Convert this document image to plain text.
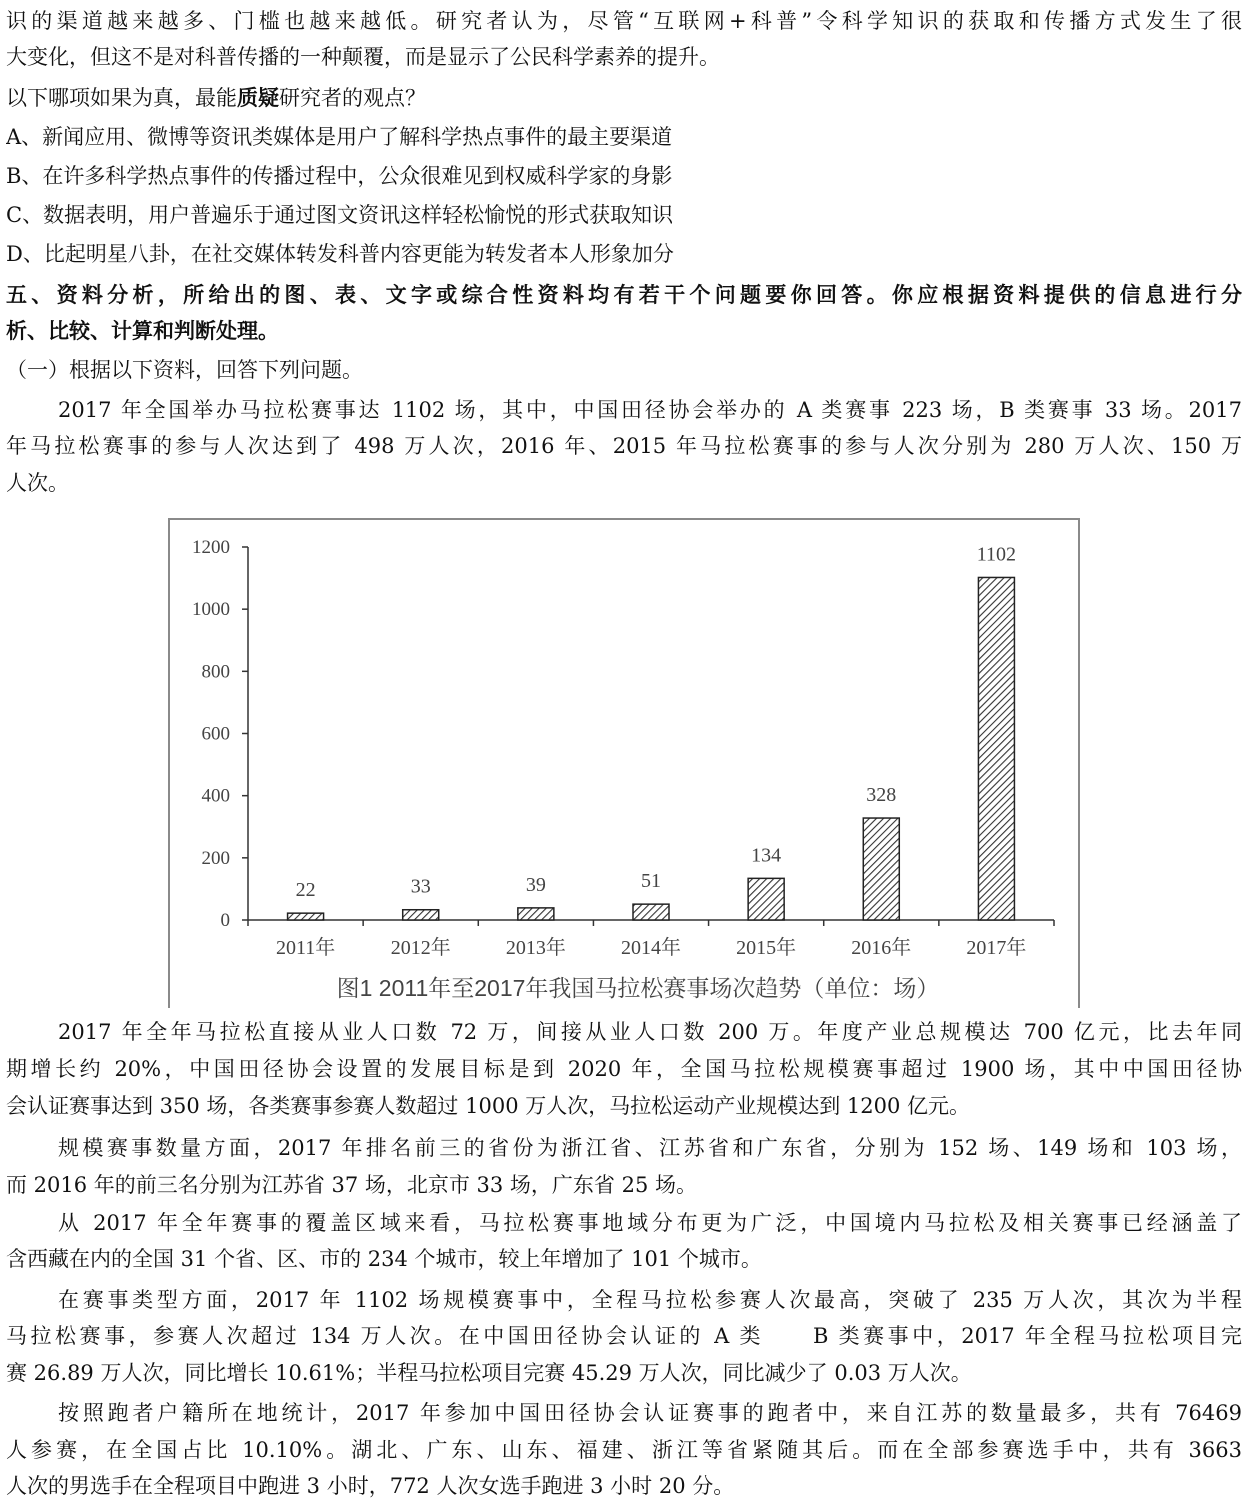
识的渠道越来越多、门槛也越来越低。研究者认为，尽管“互联网+科普”令科学知识的获取和传播方式发生了很
大变化，但这不是对科普传播的一种颠覆，而是显示了公民科学素养的提升。
以下哪项如果为真，最能质疑研究者的观点？
A、新闻应用、微博等资讯类媒体是用户了解科学热点事件的最主要渠道
B、在许多科学热点事件的传播过程中，公众很难见到权威科学家的身影
C、数据表明，用户普遍乐于通过图文资讯这样轻松愉悦的形式获取知识
D、比起明星八卦，在社交媒体转发科普内容更能为转发者本人形象加分
五、资料分析，所给出的图、表、文字或综合性资料均有若干个问题要你回答。你应根据资料提供的信息进行分
析、比较、计算和判断处理。
（一）根据以下资料，回答下列问题。
2017 年全国举办马拉松赛事达 1102 场，其中，中国田径协会举办的 A 类赛事 223 场，B 类赛事 33 场。2017
年马拉松赛事的参与人次达到了 498 万人次，2016 年、2015 年马拉松赛事的参与人次分别为 280 万人次、150 万
人次。
0
200
400
600
800
1000
1200
22
2011年
33
2012年
39
2013年
51
2014年
134
2015年
328
2016年
1102
2017年
图1 2011年至2017年我国马拉松赛事场次趋势（单位：场）
2017 年全年马拉松直接从业人口数 72 万，间接从业人口数 200 万。年度产业总规模达 700 亿元，比去年同
期增长约 20%，中国田径协会设置的发展目标是到 2020 年，全国马拉松规模赛事超过 1900 场，其中中国田径协
会认证赛事达到 350 场，各类赛事参赛人数超过 1000 万人次，马拉松运动产业规模达到 1200 亿元。
规模赛事数量方面，2017 年排名前三的省份为浙江省、江苏省和广东省，分别为 152 场、149 场和 103 场，
而 2016 年的前三名分别为江苏省 37 场，北京市 33 场，广东省 25 场。
从 2017 年全年赛事的覆盖区域来看，马拉松赛事地域分布更为广泛，中国境内马拉松及相关赛事已经涵盖了
含西藏在内的全国 31 个省、区、市的 234 个城市，较上年增加了 101 个城市。
在赛事类型方面，2017 年 1102 场规模赛事中，全程马拉松参赛人次最高，突破了 235 万人次，其次为半程
马拉松赛事，参赛人次超过 134 万人次。在中国田径协会认证的 A 类　　B 类赛事中，2017 年全程马拉松项目完
赛 26.89 万人次，同比增长 10.61%；半程马拉松项目完赛 45.29 万人次，同比减少了 0.03 万人次。
按照跑者户籍所在地统计，2017 年参加中国田径协会认证赛事的跑者中，来自江苏的数量最多，共有 76469
人参赛，在全国占比 10.10%。湖北、广东、山东、福建、浙江等省紧随其后。而在全部参赛选手中，共有 3663
人次的男选手在全程项目中跑进 3 小时，772 人次女选手跑进 3 小时 20 分。
